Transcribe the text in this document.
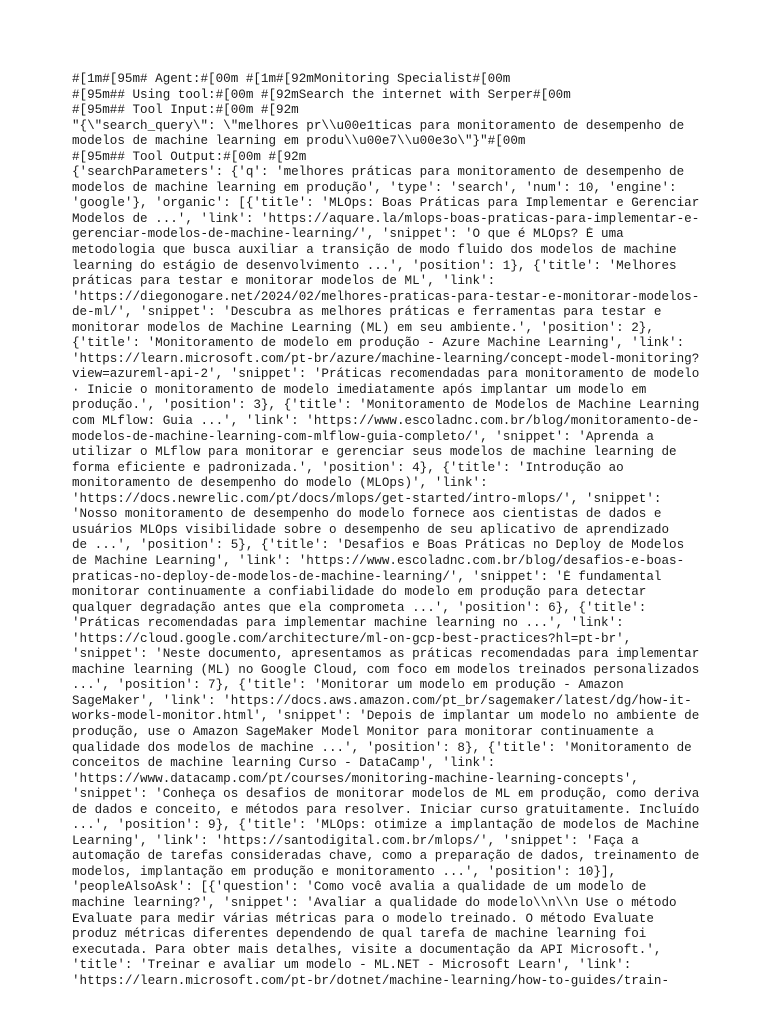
#[1m#[95m# Agent:#[00m #[1m#[92mMonitoring Specialist#[00m
#[95m## Using tool:#[00m #[92mSearch the internet with Serper#[00m
#[95m## Tool Input:#[00m #[92m
"{\"search_query\": \"melhores pr\\u00e1ticas para monitoramento de desempenho de
modelos de machine learning em produ\\u00e7\\u00e3o\"}"#[00m
#[95m## Tool Output:#[00m #[92m
{'searchParameters': {'q': 'melhores práticas para monitoramento de desempenho de
modelos de machine learning em produção', 'type': 'search', 'num': 10, 'engine':
'google'}, 'organic': [{'title': 'MLOps: Boas Práticas para Implementar e Gerenciar
Modelos de ...', 'link': 'https://aquare.la/mlops-boas-praticas-para-implementar-e-
gerenciar-modelos-de-machine-learning/', 'snippet': 'O que é MLOps? É uma
metodologia que busca auxiliar a transição de modo fluido dos modelos de machine
learning do estágio de desenvolvimento ...', 'position': 1}, {'title': 'Melhores
práticas para testar e monitorar modelos de ML', 'link':
'https://diegonogare.net/2024/02/melhores-praticas-para-testar-e-monitorar-modelos-
de-ml/', 'snippet': 'Descubra as melhores práticas e ferramentas para testar e
monitorar modelos de Machine Learning (ML) em seu ambiente.', 'position': 2},
{'title': 'Monitoramento de modelo em produção - Azure Machine Learning', 'link':
'https://learn.microsoft.com/pt-br/azure/machine-learning/concept-model-monitoring?
view=azureml-api-2', 'snippet': 'Práticas recomendadas para monitoramento de modelo
· Inicie o monitoramento de modelo imediatamente após implantar um modelo em
produção.', 'position': 3}, {'title': 'Monitoramento de Modelos de Machine Learning
com MLflow: Guia ...', 'link': 'https://www.escoladnc.com.br/blog/monitoramento-de-
modelos-de-machine-learning-com-mlflow-guia-completo/', 'snippet': 'Aprenda a
utilizar o MLflow para monitorar e gerenciar seus modelos de machine learning de
forma eficiente e padronizada.', 'position': 4}, {'title': 'Introdução ao
monitoramento de desempenho do modelo (MLOps)', 'link':
'https://docs.newrelic.com/pt/docs/mlops/get-started/intro-mlops/', 'snippet':
'Nosso monitoramento de desempenho do modelo fornece aos cientistas de dados e
usuários MLOps visibilidade sobre o desempenho de seu aplicativo de aprendizado
de ...', 'position': 5}, {'title': 'Desafios e Boas Práticas no Deploy de Modelos
de Machine Learning', 'link': 'https://www.escoladnc.com.br/blog/desafios-e-boas-
praticas-no-deploy-de-modelos-de-machine-learning/', 'snippet': 'É fundamental
monitorar continuamente a confiabilidade do modelo em produção para detectar
qualquer degradação antes que ela comprometa ...', 'position': 6}, {'title':
'Práticas recomendadas para implementar machine learning no ...', 'link':
'https://cloud.google.com/architecture/ml-on-gcp-best-practices?hl=pt-br',
'snippet': 'Neste documento, apresentamos as práticas recomendadas para implementar
machine learning (ML) no Google Cloud, com foco em modelos treinados personalizados
...', 'position': 7}, {'title': 'Monitorar um modelo em produção - Amazon
SageMaker', 'link': 'https://docs.aws.amazon.com/pt_br/sagemaker/latest/dg/how-it-
works-model-monitor.html', 'snippet': 'Depois de implantar um modelo no ambiente de
produção, use o Amazon SageMaker Model Monitor para monitorar continuamente a
qualidade dos modelos de machine ...', 'position': 8}, {'title': 'Monitoramento de
conceitos de machine learning Curso - DataCamp', 'link':
'https://www.datacamp.com/pt/courses/monitoring-machine-learning-concepts',
'snippet': 'Conheça os desafios de monitorar modelos de ML em produção, como deriva
de dados e conceito, e métodos para resolver. Iniciar curso gratuitamente. Incluído
...', 'position': 9}, {'title': 'MLOps: otimize a implantação de modelos de Machine
Learning', 'link': 'https://santodigital.com.br/mlops/', 'snippet': 'Faça a
automação de tarefas consideradas chave, como a preparação de dados, treinamento de
modelos, implantação em produção e monitoramento ...', 'position': 10}],
'peopleAlsoAsk': [{'question': 'Como você avalia a qualidade de um modelo de
machine learning?', 'snippet': 'Avaliar a qualidade do modelo\\n\\n Use o método
Evaluate para medir várias métricas para o modelo treinado. O método Evaluate
produz métricas diferentes dependendo de qual tarefa de machine learning foi
executada. Para obter mais detalhes, visite a documentação da API Microsoft.',
'title': 'Treinar e avaliar um modelo - ML.NET - Microsoft Learn', 'link':
'https://learn.microsoft.com/pt-br/dotnet/machine-learning/how-to-guides/train-
